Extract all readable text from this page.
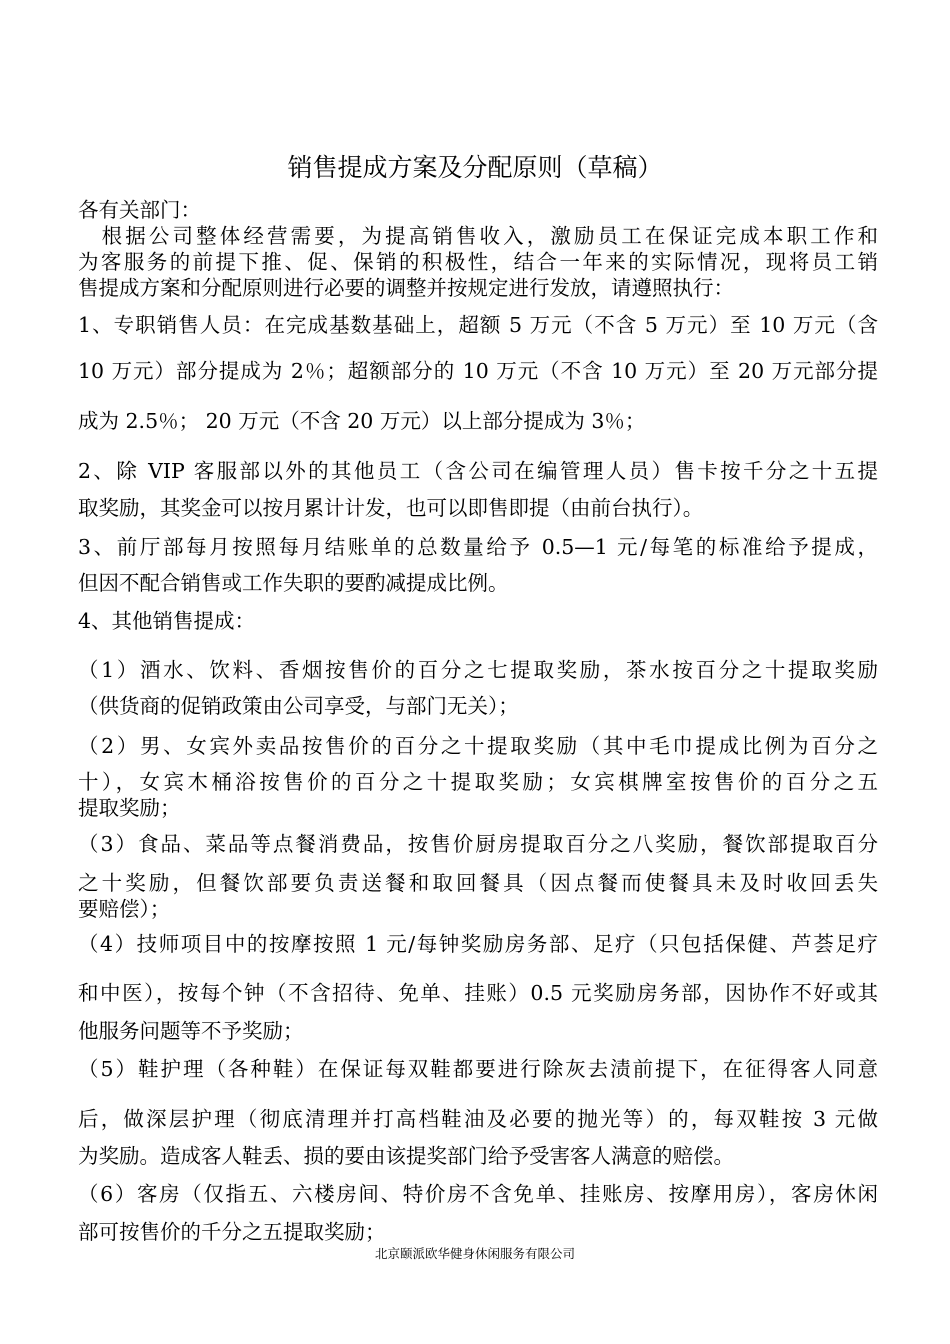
销售提成方案及分配原则（草稿）
各有关部门：
　根据公司整体经营需要，为提高销售收入，激励员工在保证完成本职工作和
为客服务的前提下推、促、保销的积极性，结合一年来的实际情况，现将员工销
售提成方案和分配原则进行必要的调整并按规定进行发放，请遵照执行：
1、专职销售人员：在完成基数基础上，超额 5 万元（不含 5 万元）至 10 万元（含
10 万元）部分提成为 2％；超额部分的 10 万元（不含 10 万元）至 20 万元部分提
成为 2.5％； 20 万元（不含 20 万元）以上部分提成为 3％；
2、除 VIP 客服部以外的其他员工（含公司在编管理人员）售卡按千分之十五提
取奖励，其奖金可以按月累计计发，也可以即售即提（由前台执行）。
3、前厅部每月按照每月结账单的总数量给予 0.5—1 元/每笔的标准给予提成，
但因不配合销售或工作失职的要酌减提成比例。
4、其他销售提成：
（1）酒水、饮料、香烟按售价的百分之七提取奖励，茶水按百分之十提取奖励
（供货商的促销政策由公司享受，与部门无关）；
（2）男、女宾外卖品按售价的百分之十提取奖励（其中毛巾提成比例为百分之
十），女宾木桶浴按售价的百分之十提取奖励；女宾棋牌室按售价的百分之五
提取奖励；
（3）食品、菜品等点餐消费品，按售价厨房提取百分之八奖励，餐饮部提取百分
之十奖励，但餐饮部要负责送餐和取回餐具（因点餐而使餐具未及时收回丢失
要赔偿）；
（4）技师项目中的按摩按照 1 元/每钟奖励房务部、足疗（只包括保健、芦荟足疗
和中医），按每个钟（不含招待、免单、挂账）0.5 元奖励房务部，因协作不好或其
他服务问题等不予奖励；
（5）鞋护理（各种鞋）在保证每双鞋都要进行除灰去渍前提下，在征得客人同意
后，做深层护理（彻底清理并打高档鞋油及必要的抛光等）的，每双鞋按 3 元做
为奖励。造成客人鞋丢、损的要由该提奖部门给予受害客人满意的赔偿。
（6）客房（仅指五、六楼房间、特价房不含免单、挂账房、按摩用房），客房休闲
部可按售价的千分之五提取奖励；
北京颐派欧华健身休闲服务有限公司
